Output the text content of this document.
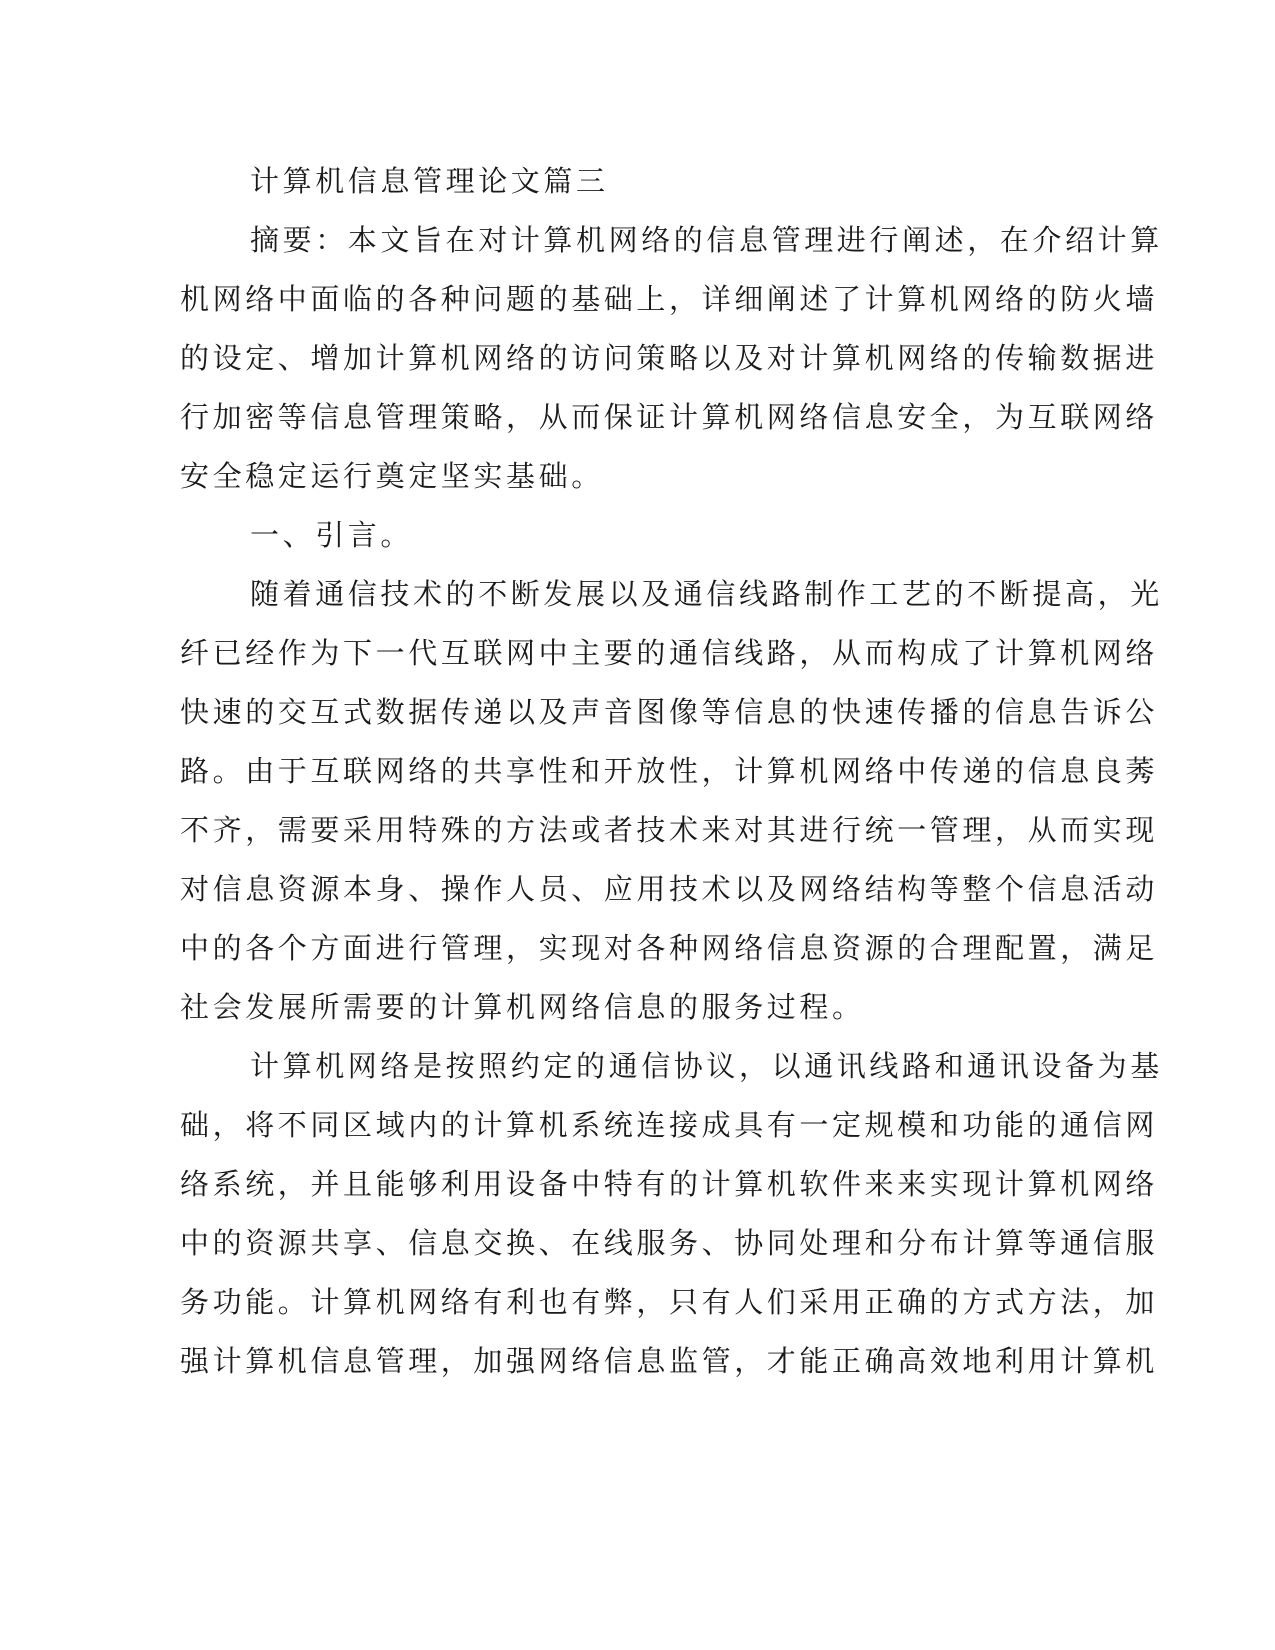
计算机信息管理论文篇三

摘要：本文旨在对计算机网络的信息管理进行阐述，在介绍计算

机网络中面临的各种问题的基础上，详细阐述了计算机网络的防火墙

的设定、增加计算机网络的访问策略以及对计算机网络的传输数据进

行加密等信息管理策略，从而保证计算机网络信息安全，为互联网络

安全稳定运行奠定坚实基础。

一、引言。

随着通信技术的不断发展以及通信线路制作工艺的不断提高，光

纤已经作为下一代互联网中主要的通信线路，从而构成了计算机网络

快速的交互式数据传递以及声音图像等信息的快速传播的信息告诉公

路。由于互联网络的共享性和开放性，计算机网络中传递的信息良莠

不齐，需要采用特殊的方法或者技术来对其进行统一管理，从而实现

对信息资源本身、操作人员、应用技术以及网络结构等整个信息活动

中的各个方面进行管理，实现对各种网络信息资源的合理配置，满足

社会发展所需要的计算机网络信息的服务过程。

计算机网络是按照约定的通信协议，以通讯线路和通讯设备为基

础，将不同区域内的计算机系统连接成具有一定规模和功能的通信网

络系统，并且能够利用设备中特有的计算机软件来来实现计算机网络

中的资源共享、信息交换、在线服务、协同处理和分布计算等通信服

务功能。计算机网络有利也有弊，只有人们采用正确的方式方法，加

强计算机信息管理，加强网络信息监管，才能正确高效地利用计算机
